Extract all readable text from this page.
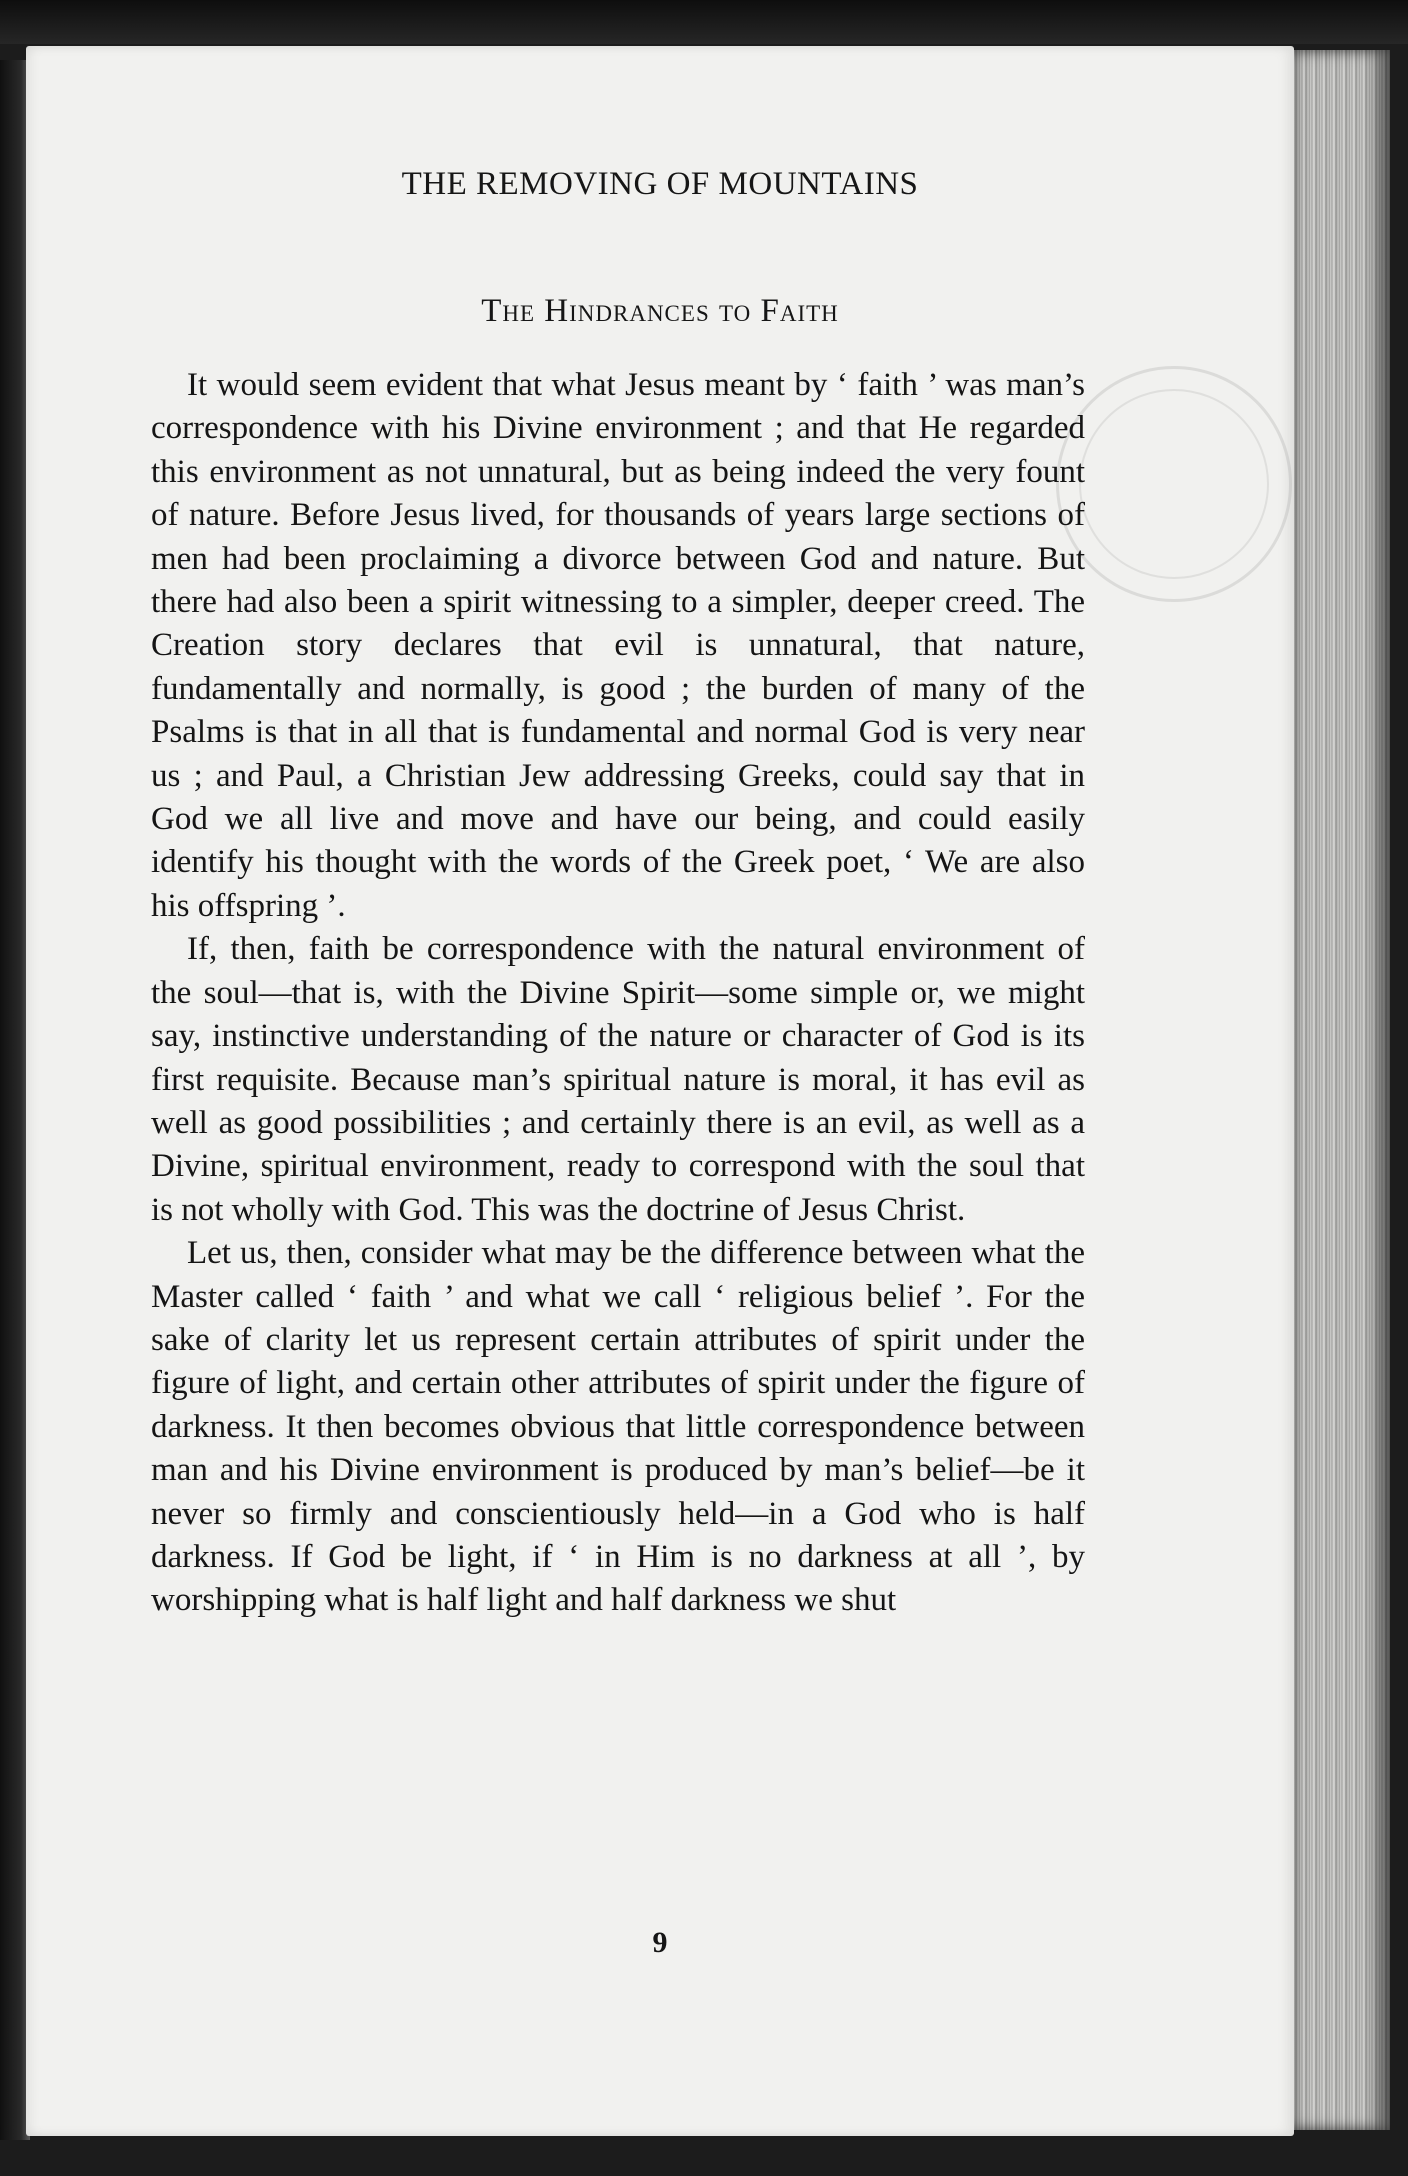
THE REMOVING OF MOUNTAINS
The Hindrances to Faith

It would seem evident that what Jesus meant by ‘ faith ’ was man’s correspondence with his Divine environment ; and that He regarded this environment as not unnatural, but as being indeed the very fount of nature. Before Jesus lived, for thousands of years large sections of men had been proclaiming a divorce between God and nature. But there had also been a spirit witnessing to a simpler, deeper creed. The Creation story declares that evil is unnatural, that nature, fundamentally and normally, is good ; the burden of many of the Psalms is that in all that is fundamental and normal God is very near us ; and Paul, a Christian Jew addressing Greeks, could say that in God we all live and move and have our being, and could easily identify his thought with the words of the Greek poet, ‘ We are also his offspring ’.

If, then, faith be correspondence with the natural environment of the soul—that is, with the Divine Spirit—some simple or, we might say, instinctive understanding of the nature or character of God is its first requisite. Because man’s spiritual nature is moral, it has evil as well as good possibilities ; and certainly there is an evil, as well as a Divine, spiritual environment, ready to correspond with the soul that is not wholly with God. This was the doctrine of Jesus Christ.

Let us, then, consider what may be the difference between what the Master called ‘ faith ’ and what we call ‘ religious belief ’. For the sake of clarity let us represent certain attributes of spirit under the figure of light, and certain other attributes of spirit under the figure of darkness. It then becomes obvious that little correspondence between man and his Divine environment is produced by man’s belief—be it never so firmly and conscientiously held—in a God who is half darkness. If God be light, if ‘ in Him is no darkness at all ’, by worshipping what is half light and half darkness we shut

9
